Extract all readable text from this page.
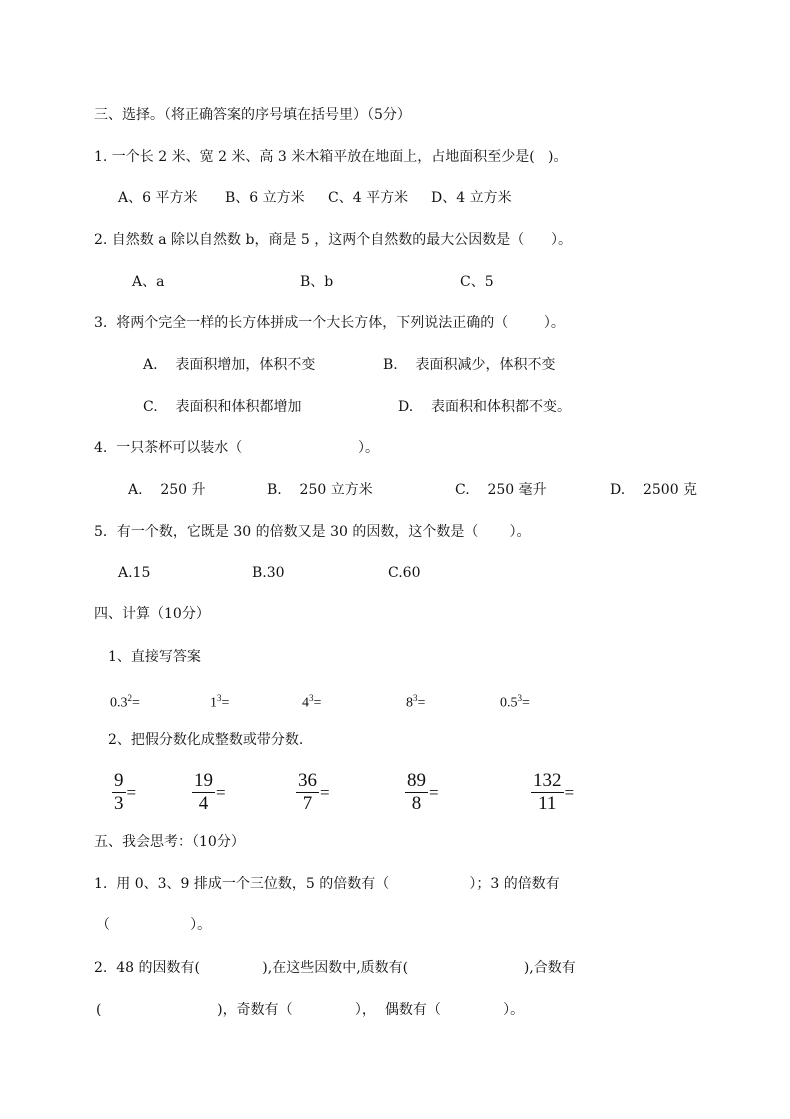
三、选择。（将正确答案的序号填在括号里）（5分）
1. 一个长 2 米、宽 2 米、高 3 米木箱平放在地面上，占地面积至少是(   )。
A、6 平方米 B、6 立方米 C、4 平方米 D、4 立方米
2. 自然数 a 除以自然数 b，商是 5 ，这两个自然数的最大公因数是（      ）。
A、a	B、b	C、5
3.  将两个完全一样的长方体拼成一个大长方体，下列说法正确的（        ）。
A.    表面积增加，体积不变	B.    表面积减少，体积不变
C.    表面积和体积都增加	D.    表面积和体积都不变。
4.  一只茶杯可以装水（                          ）。
A.    250 升	B.    250 立方米	C.    250 毫升	D.    2500 克
5．有一个数，它既是 30 的倍数又是 30 的因数，这个数是（       ）。
A.15	B.30	C.60
四、计算（10分）
1、直接写答案
$0.3^2=$	$1^3=$	$4^3=$	$8^3=$	$0.5^3=$
2、把假分数化成整数或带分数.
$\frac{9}{3}$ =	$\frac{19}{4}$ =	$\frac{36}{7}$ =	$\frac{89}{8}$ =	$\frac{132}{11}$ =
五、我会思考：（10分）
1.  用 0、3、9 排成一个三位数，5 的倍数有（                  ）；3 的倍数有
（                  ）。
2.  48 的因数有(              ),在这些因数中,质数有(                          ),合数有
(                          )，奇数有（              ），  偶数有（              ）。
